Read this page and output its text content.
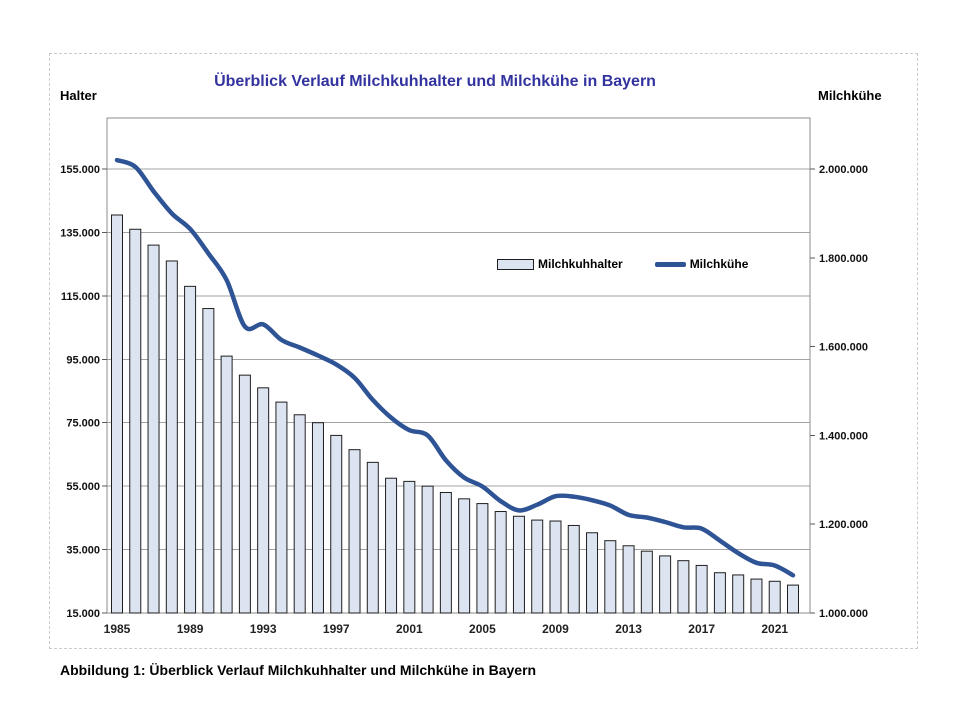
Überblick Verlauf Milchkuhhalter und Milchkühe in Bayern
Halter	Milchkühe
15.000
35.000
55.000
75.000
95.000
115.000
135.000
155.000
1.000.000
1.200.000
1.400.000
1.600.000
1.800.000
2.000.000
1985	1989	1993	1997	2001	2005	2009	2013	2017	2021
Milchkuhhalter	Milchkühe
Abbildung 1: Überblick Verlauf Milchkuhhalter und Milchkühe in Bayern
